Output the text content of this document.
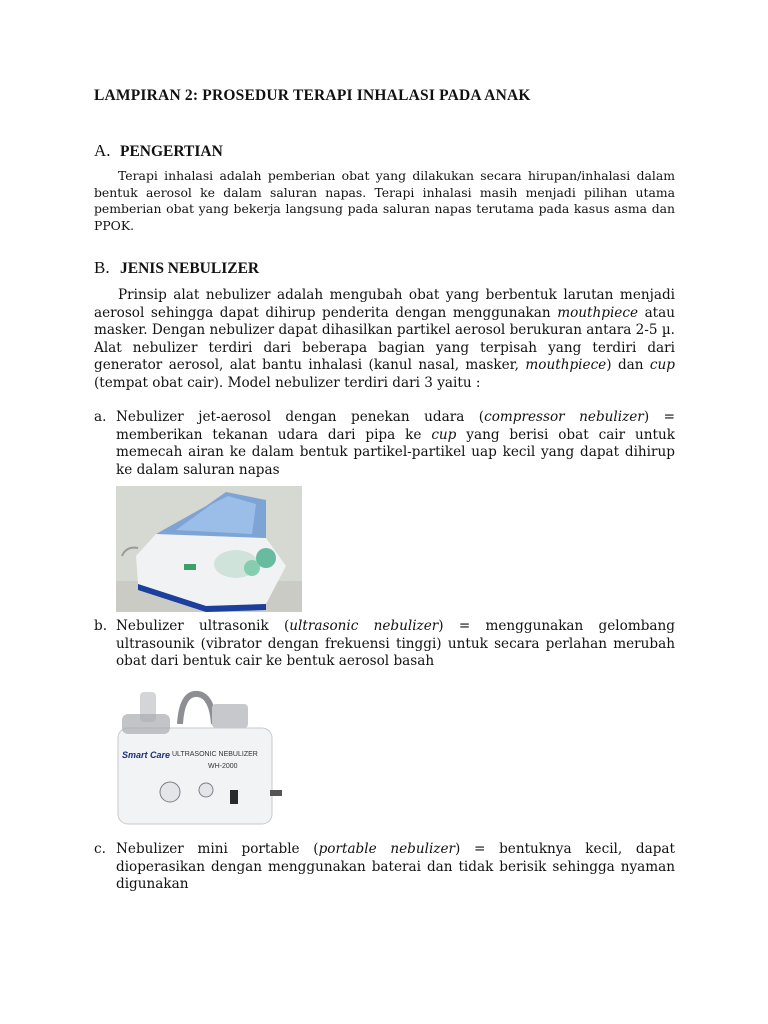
LAMPIRAN 2: PROSEDUR TERAPI INHALASI PADA ANAK
A. PENGERTIAN
Terapi inhalasi adalah pemberian obat yang dilakukan secara hirupan/inhalasi dalam bentuk aerosol ke dalam saluran napas. Terapi inhalasi masih menjadi pilihan utama pemberian obat yang bekerja langsung pada saluran napas terutama pada kasus asma dan PPOK.
B. JENIS NEBULIZER
Prinsip alat nebulizer adalah mengubah obat yang berbentuk larutan menjadi aerosol sehingga dapat dihirup penderita dengan menggunakan mouthpiece atau masker. Dengan nebulizer dapat dihasilkan partikel aerosol berukuran antara 2-5 µ. Alat nebulizer terdiri dari beberapa bagian yang terpisah yang terdiri dari generator aerosol, alat bantu inhalasi (kanul nasal, masker, mouthpiece) dan cup (tempat obat cair). Model nebulizer terdiri dari 3 yaitu :
a. Nebulizer jet-aerosol dengan penekan udara (compressor nebulizer) = memberikan tekanan udara dari pipa ke cup yang berisi obat cair untuk memecah airan ke dalam bentuk partikel-partikel uap kecil yang dapat dihirup ke dalam saluran napas
b. Nebulizer ultrasonik (ultrasonic nebulizer) = menggunakan gelombang ultrasounik (vibrator dengan frekuensi tinggi) untuk secara perlahan merubah obat dari bentuk cair ke bentuk aerosol basah
Smart Care ULTRASONIC NEBULIZER
WH-2000
c. Nebulizer mini portable (portable nebulizer) = bentuknya kecil, dapat dioperasikan dengan menggunakan baterai dan tidak berisik sehingga nyaman digunakan
